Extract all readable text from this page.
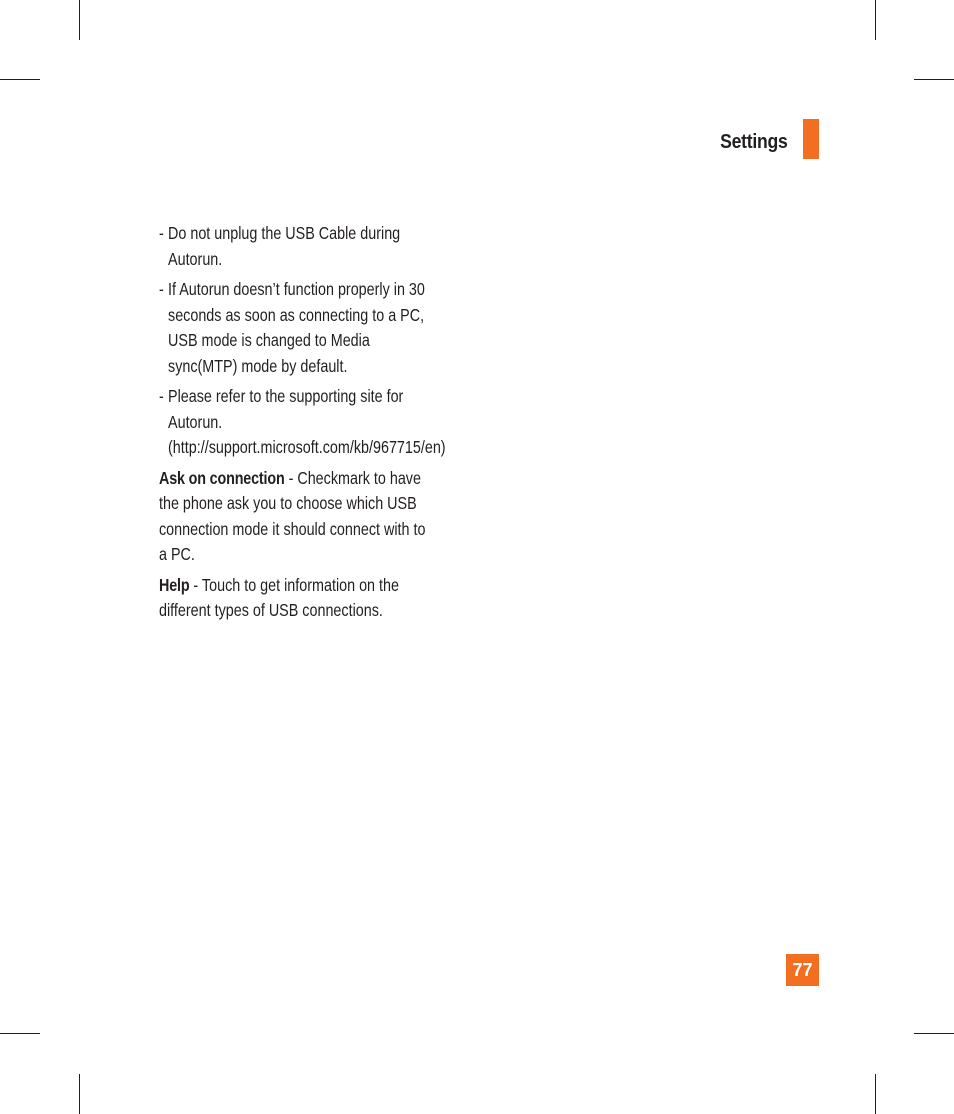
Settings
- Do not unplug the USB Cable during Autorun.
- If Autorun doesn’t function properly in 30 seconds as soon as connecting to a PC, USB mode is changed to Media sync(MTP) mode by default.
- Please refer to the supporting site for Autorun. (http://support.microsoft.com/kb/967715/en)

Ask on connection - Checkmark to have the phone ask you to choose which USB connection mode it should connect with to a PC.

Help - Touch to get information on the different types of USB connections.

77
